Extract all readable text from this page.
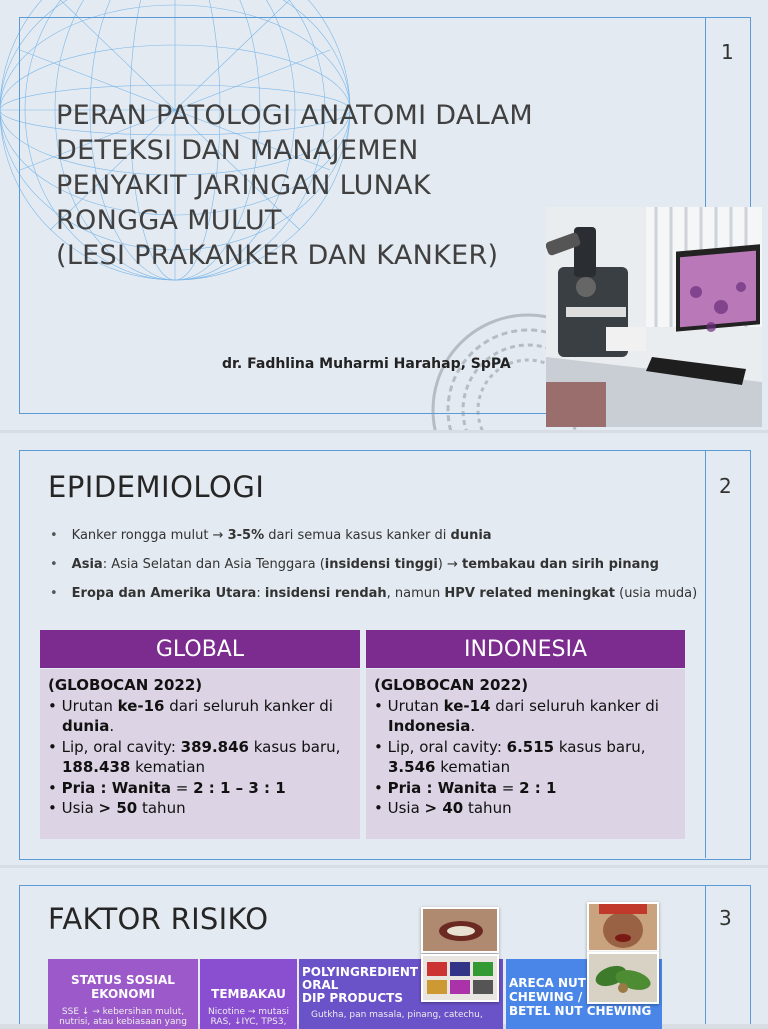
1
PERAN PATOLOGI ANATOMI DALAM
DETEKSI DAN MANAJEMEN
PENYAKIT JARINGAN LUNAK
RONGGA MULUT
(LESI PRAKANKER DAN KANKER)
dr. Fadhlina Muharmi Harahap, SpPA
2
EPIDEMIOLOGI
• Kanker rongga mulut → 3-5% dari semua kasus kanker di dunia
• Asia: Asia Selatan dan Asia Tenggara (insidensi tinggi) → tembakau dan sirih pinang
• Eropa dan Amerika Utara: insidensi rendah, namun HPV related meningkat (usia muda)
GLOBAL
(GLOBOCAN 2022)
• Urutan ke-16 dari seluruh kanker di dunia.
• Lip, oral cavity: 389.846 kasus baru, 188.438 kematian
• Pria : Wanita = 2 : 1 – 3 : 1
• Usia > 50 tahun
INDONESIA
(GLOBOCAN 2022)
• Urutan ke-14 dari seluruh kanker di Indonesia.
• Lip, oral cavity: 6.515 kasus baru, 3.546 kematian
• Pria : Wanita = 2 : 1
• Usia > 40 tahun
3
FAKTOR RISIKO
STATUS SOSIAL EKONOMI
SSE ↓ → kebersihan mulut, nutrisi, atau kebiasaan yang
TEMBAKAU
Nicotine → mutasi RAS, ↓IYC, TPS3,
POLYINGREDIENT
ORAL
DIP PRODUCTS
Gutkha, pan masala, pinang, catechu,
ARECA NUT
CHEWING /
BETEL NUT CHEWING
